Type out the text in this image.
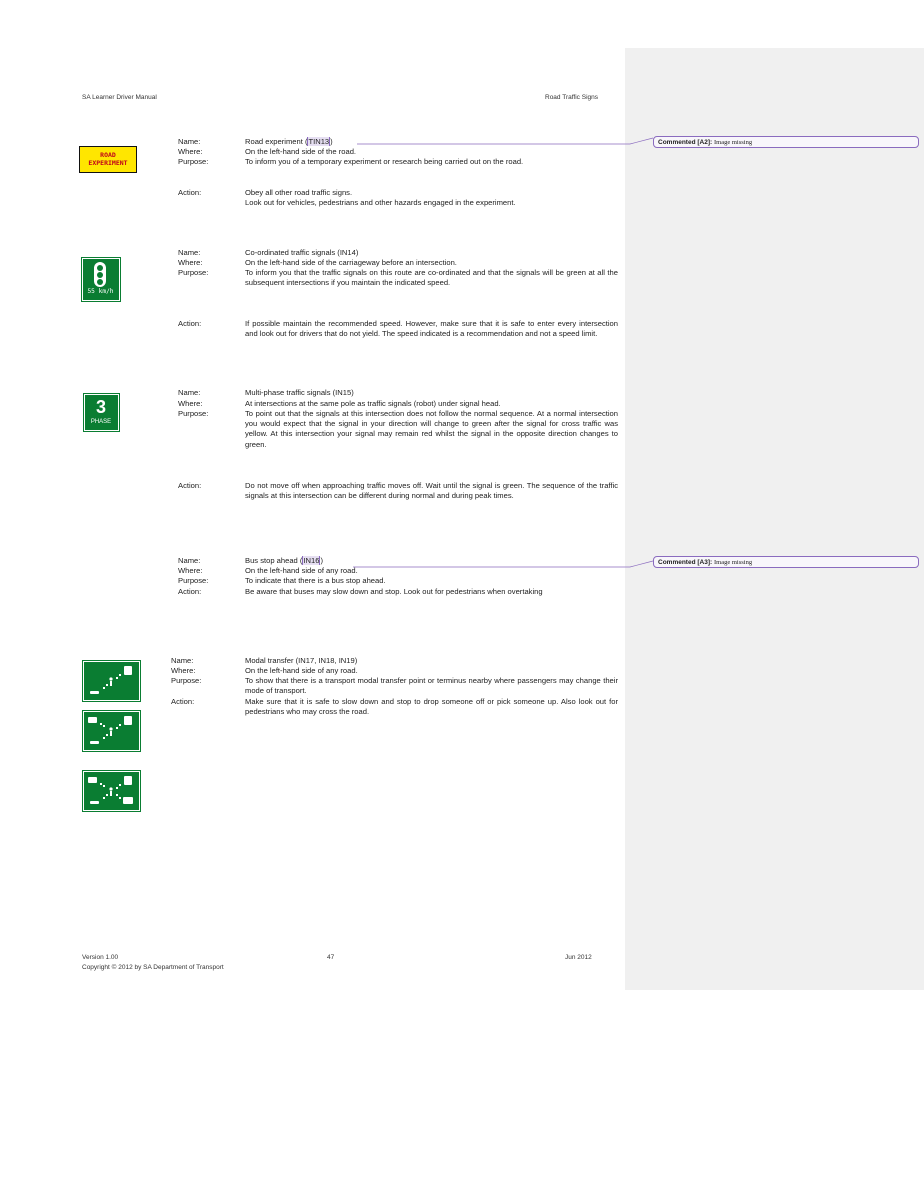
SA Learner Driver Manual	Road Traffic Signs
ROAD
EXPERIMENT
Name:	Road experiment (TIN13)
Where:	On the left-hand side of the road.
Purpose:	To inform you of a temporary experiment or research being carried out on the road.
Action:	Obey all other road traffic signs.
Look out for vehicles, pedestrians and other hazards engaged in the experiment.
55 km/h
Name:	Co-ordinated traffic signals (IN14)
Where:	On the left-hand side of the carriageway before an intersection.
Purpose:	To inform you that the traffic signals on this route are co-ordinated and that the signals will be green at all the subsequent intersections if you maintain the indicated speed.
Action:	If possible maintain the recommended speed. However, make sure that it is safe to enter every intersection and look out for drivers that do not yield. The speed indicated is a recommendation and not a speed limit.
3
PHASE
Name:	Multi-phase traffic signals (IN15)
Where:	At intersections at the same pole as traffic signals (robot) under signal head.
Purpose:	To point out that the signals at this intersection does not follow the normal sequence. At a normal intersection you would expect that the signal in your direction will change to green after the signal for cross traffic was yellow. At this intersection your signal may remain red whilst the signal in the opposite direction changes to green.
Action:	Do not move off when approaching traffic moves off. Wait until the signal is green. The sequence of the traffic signals at this intersection can be different during normal and during peak times.
Name:	Bus stop ahead (IN16)
Where:	On the left-hand side of any road.
Purpose:	To indicate that there is a bus stop ahead.
Action:	Be aware that buses may slow down and stop. Look out for pedestrians when overtaking
Name:	Modal transfer (IN17, IN18, IN19)
Where:	On the left-hand side of any road.
Purpose:	To show that there is a transport modal transfer point or terminus nearby where passengers may change their mode of transport.
Action:	Make sure that it is safe to slow down and stop to drop someone off or pick someone up. Also look out for pedestrians who may cross the road.
Version 1.00
Copyright © 2012 by SA Department of Transport
47	Jun 2012
Commented [A2]: Image missing
Commented [A3]: Image missing
